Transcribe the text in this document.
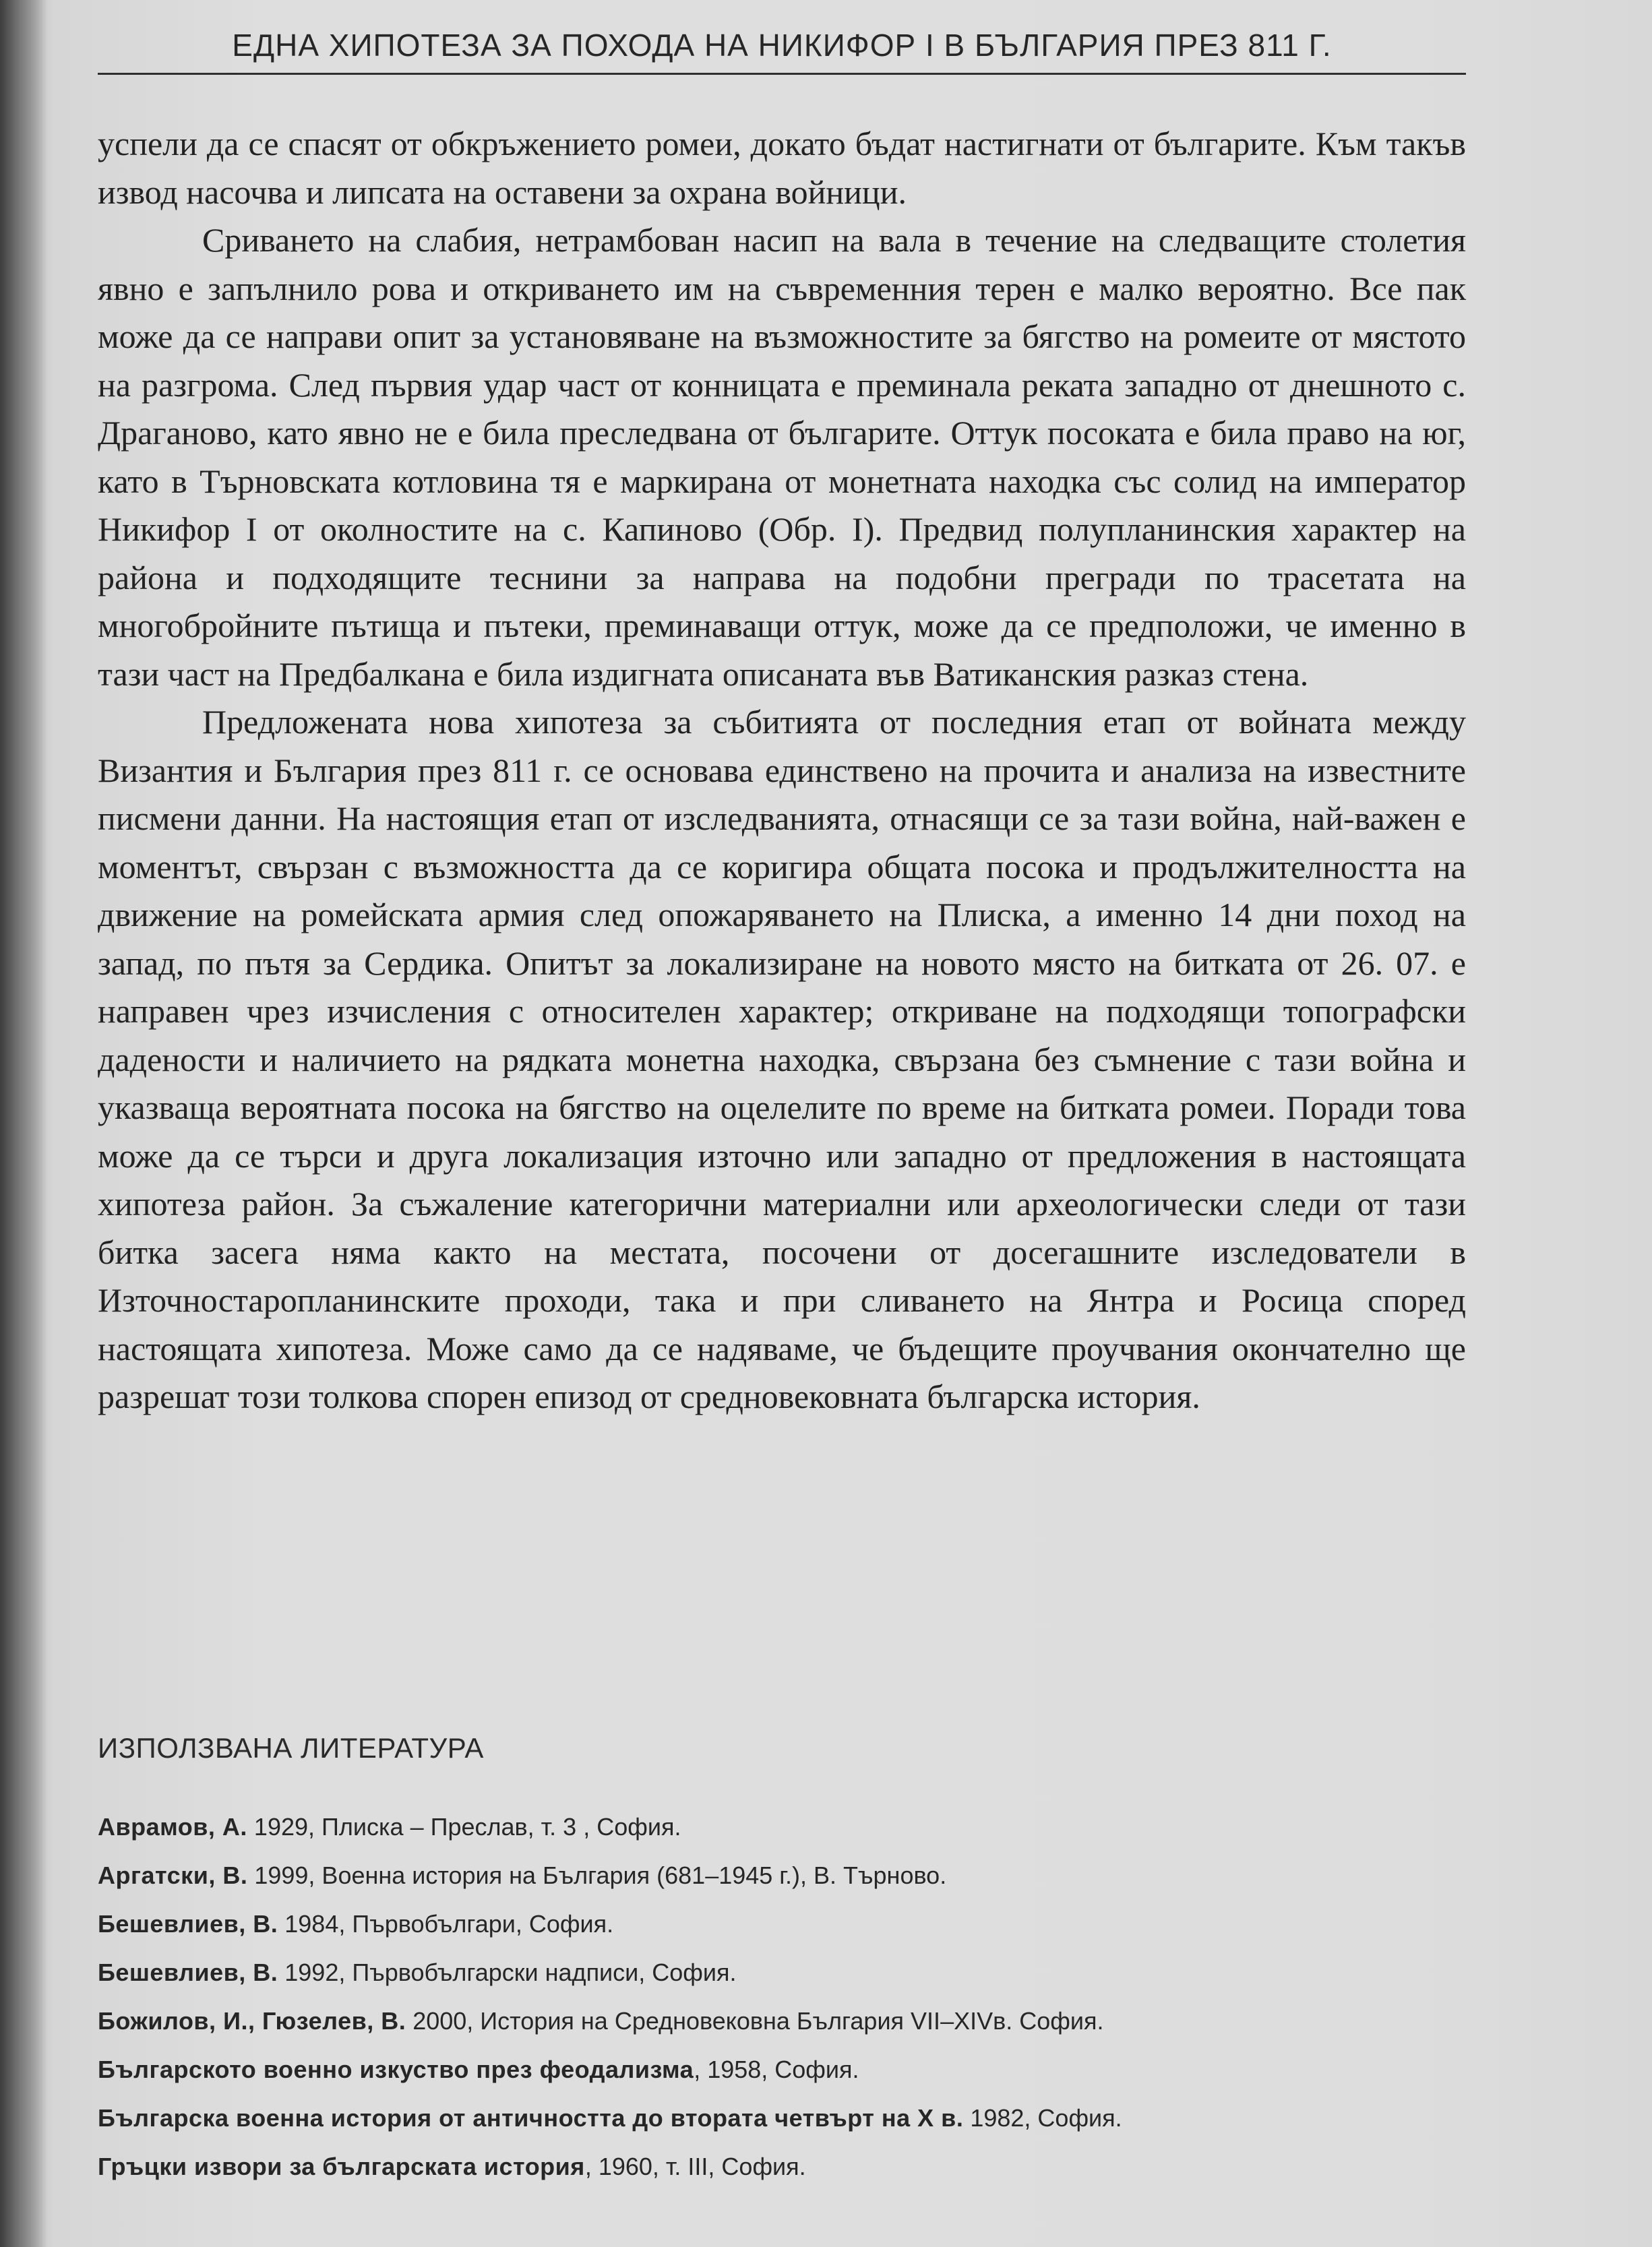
ЕДНА ХИПОТЕЗА ЗА ПОХОДА НА НИКИФОР I В БЪЛГАРИЯ ПРЕЗ 811 Г.

успели да се спасят от обкръжението ромеи, докато бъдат настигнати от българите. Към такъв извод насочва и липсата на оставени за охрана войници.

Сриването на слабия, нетрамбован насип на вала в течение на следващите столетия явно е запълнило рова и откриването им на съвременния терен е малко вероятно. Все пак може да се направи опит за установяване на възможностите за бягство на ромеите от мястото на разгрома. След първия удар част от конницата е преминала реката западно от днешното с. Драганово, като явно не е била преследвана от българите. Оттук посоката е била право на юг, като в Търновската котловина тя е маркирана от монетната находка със солид на император Никифор I от околностите на с. Капиново (Обр. I). Предвид полупланинския характер на района и подходящите теснини за направа на подобни прегради по трасетата на многобройните пътища и пътеки, преминаващи оттук, може да се предположи, че именно в тази част на Предбалкана е била издигната описаната във Ватиканския разказ стена.

Предложената нова хипотеза за събитията от последния етап от войната между Византия и България през 811 г. се основава единствено на прочита и анализа на известните писмени данни. На настоящия етап от изследванията, отнасящи се за тази война, най-важен е моментът, свързан с възможността да се коригира общата посока и продължителността на движение на ромейската армия след опожаряването на Плиска, а именно 14 дни поход на запад, по пътя за Сердика. Опитът за локализиране на новото място на битката от 26. 07. е направен чрез изчисления с относителен характер; откриване на подходящи топографски дадености и наличието на рядката монетна находка, свързана без съмнение с тази война и указваща вероятната посока на бягство на оцелелите по време на битката ромеи. Поради това може да се търси и друга локализация източно или западно от предложения в настоящата хипотеза район. За съжаление категорични материални или археологически следи от тази битка засега няма както на местата, посочени от досегашните изследователи в Източностаропланинските проходи, така и при сливането на Янтра и Росица според настоящата хипотеза. Може само да се надяваме, че бъдещите проучвания окончателно ще разрешат този толкова спорен епизод от средновековната българска история.

ИЗПОЛЗВАНА ЛИТЕРАТУРА
Аврамов, А. 1929, Плиска – Преслав, т. 3 , София.
Аргатски, В. 1999, Военна история на България (681–1945 г.), В. Търново.
Бешевлиев, В. 1984, Първобългари, София.
Бешевлиев, В. 1992, Първобългарски надписи, София.
Божилов, И., Гюзелев, В. 2000, История на Средновековна България VII–XIVв. София.
Българското военно изкуство през феодализма, 1958, София.
Българска военна история от античността до втората четвърт на Х в. 1982, София.
Гръцки извори за българската история, 1960, т. III, София.
